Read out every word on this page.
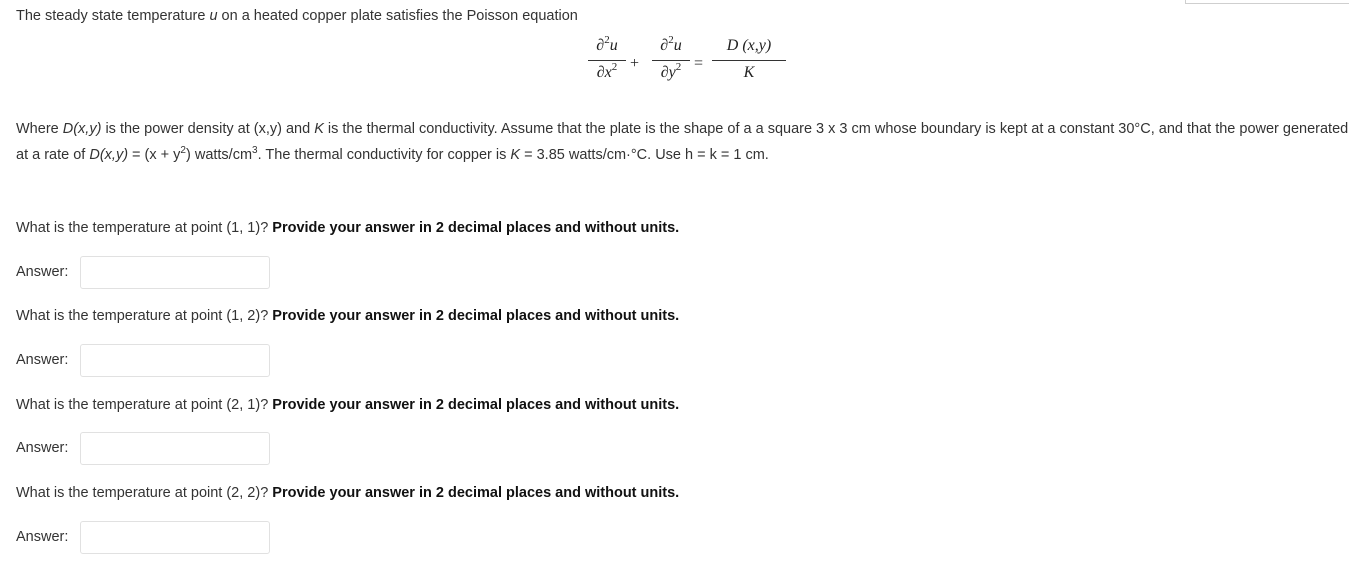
The steady state temperature u on a heated copper plate satisfies the Poisson equation
∂$^2$u
$\partial x^2$ +
∂$^2$u
$\partial y^2$ =
D (x,y)
K
Where D(x,y) is the power density at (x,y) and K is the thermal conductivity. Assume that the plate is the shape of a a square 3 x 3 cm whose boundary is kept at a constant 30°C, and that the power generated at a rate of $D(x,y) = (x + y^2)$ watts/$cm^3$. The thermal conductivity for copper is K = 3.85 watts/cm·°C. Use h = k = 1 cm.
What is the temperature at point (1, 1)? Provide your answer in 2 decimal places and without units.
Answer:
What is the temperature at point (1, 2)? Provide your answer in 2 decimal places and without units.
Answer:
What is the temperature at point (2, 1)? Provide your answer in 2 decimal places and without units.
Answer:
What is the temperature at point (2, 2)? Provide your answer in 2 decimal places and without units.
Answer:
